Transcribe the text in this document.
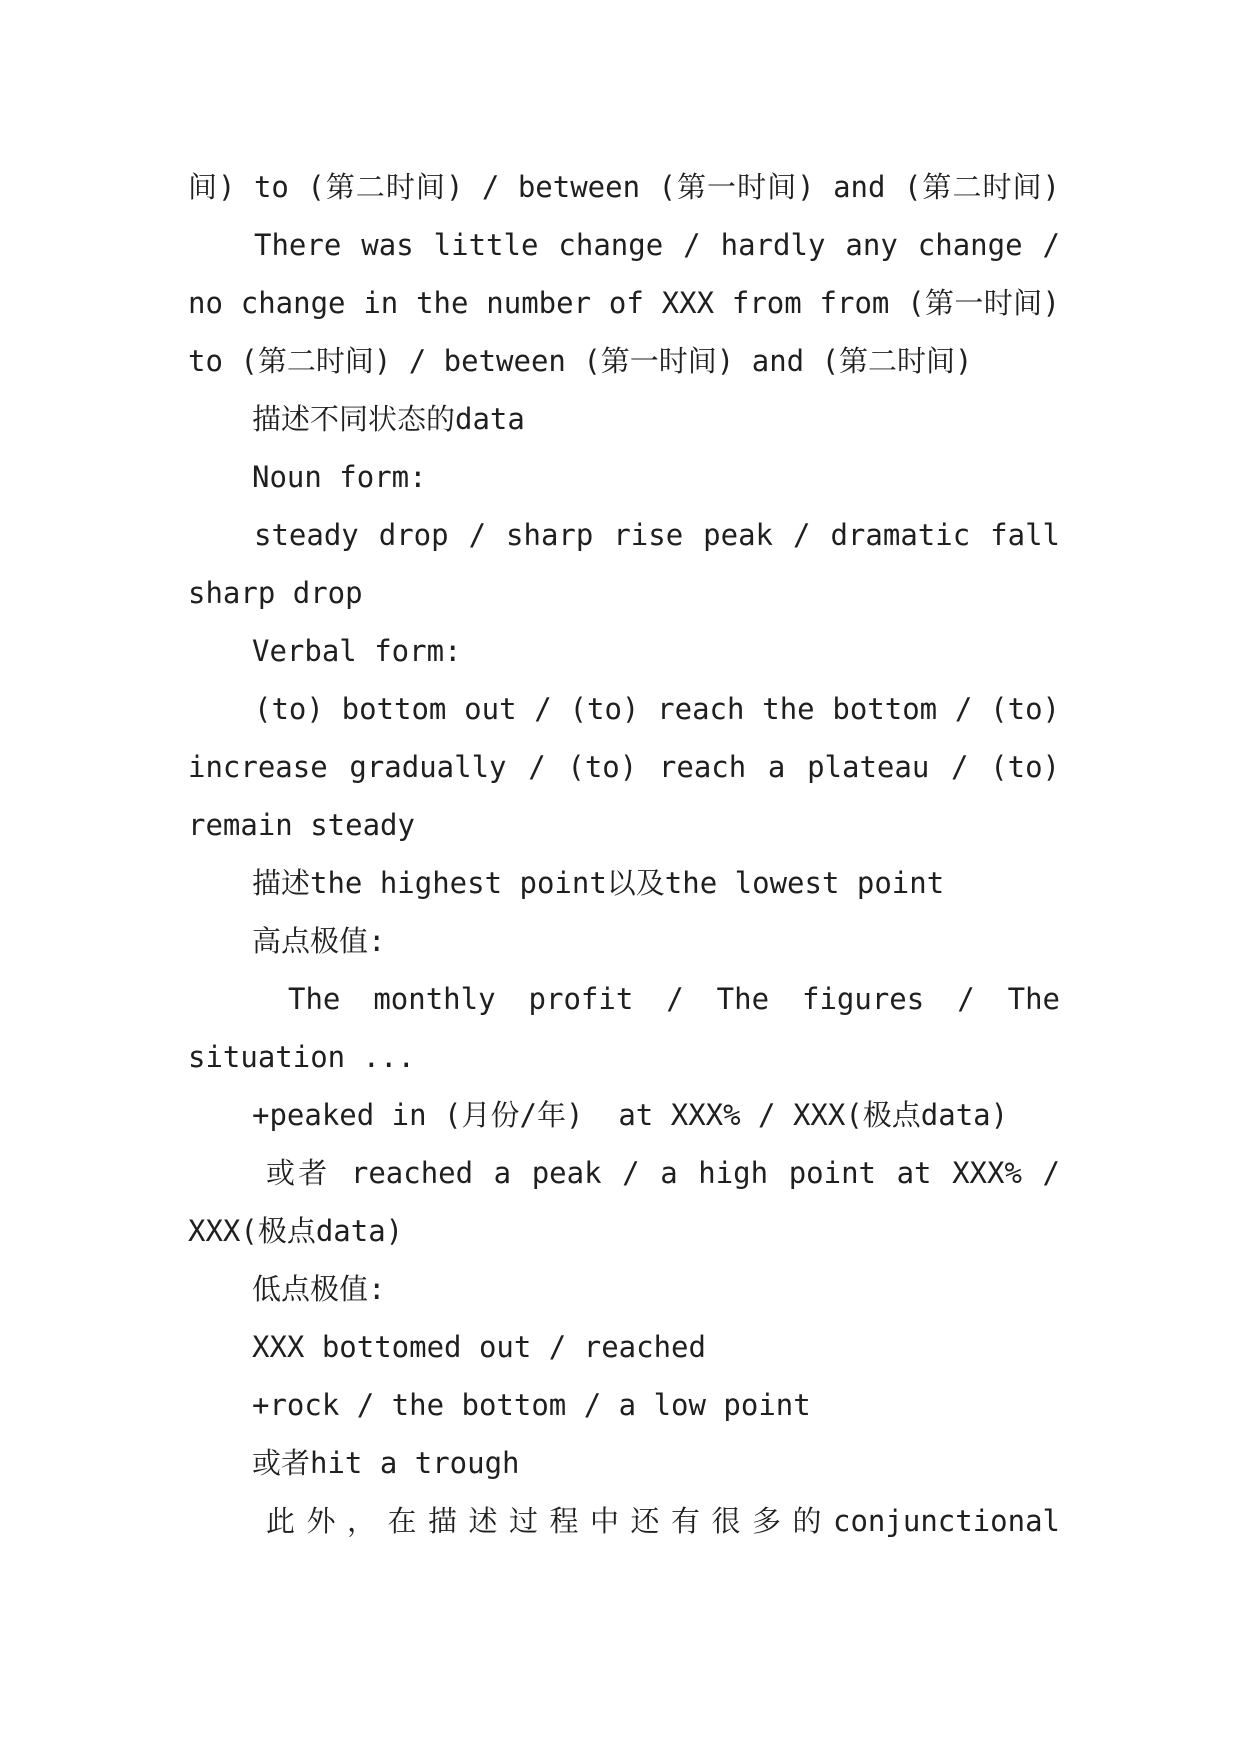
间) to (第二时间) / between (第一时间) and (第二时间)
There was little change / hardly any change /
no change in the number of XXX from from (第一时间)
to (第二时间) / between (第一时间) and (第二时间)
描述不同状态的data
Noun form:
steady drop / sharp rise peak / dramatic fall
sharp drop
Verbal form:
(to) bottom out / (to) reach the bottom / (to)
increase gradually / (to) reach a plateau / (to)
remain steady
描述the highest point以及the lowest point
高点极值:
The monthly profit / The figures / The
situation ...
+peaked in (月份/年)  at XXX% / XXX(极点data)
或者 reached a peak / a high point at XXX% /
XXX(极点data)
低点极值:
XXX bottomed out / reached
+rock / the bottom / a low point
或者hit a trough
此外，在描述过程中还有很多的conjunctional
